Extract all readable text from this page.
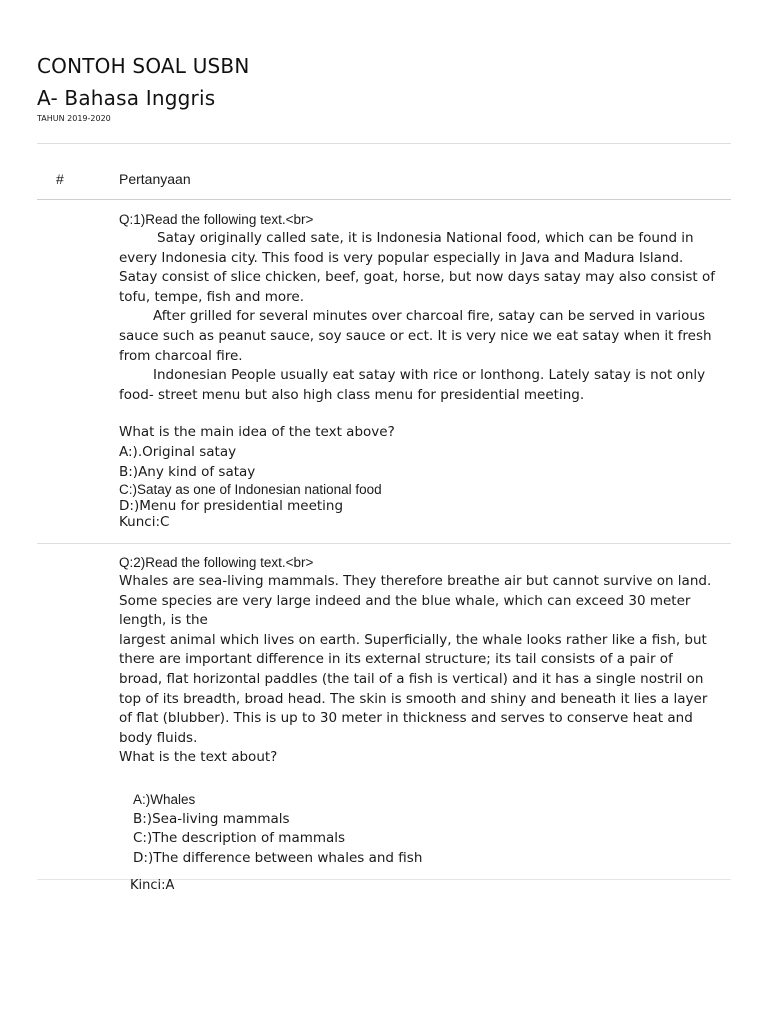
CONTOH SOAL USBN
A- Bahasa Inggris
TAHUN 2019-2020
#	Pertanyaan

Q:1)Read the following text.<br>

Satay originally called sate, it is Indonesia National food, which can be found in every Indonesia city. This food is very popular especially in Java and Madura Island. Satay consist of slice chicken, beef, goat, horse, but now days satay may also consist of tofu, tempe, fish and more.

After grilled for several minutes over charcoal fire, satay can be served in various sauce such as peanut sauce, soy sauce or ect. It is very nice we eat satay when it fresh from charcoal fire.

Indonesian People usually eat satay with rice or lonthong. Lately satay is not only food- street menu but also high class menu for presidential meeting.

What is the main idea of the text above?
A:).Original satay
B:)Any kind of satay
C:)Satay as one of Indonesian national food
D:)Menu for presidential meeting
Kunci:C

Q:2)Read the following text.<br>

Whales are sea-living mammals. They therefore breathe air but cannot survive on land. Some species are very large indeed and the blue whale, which can exceed 30 meter length, is the

largest animal which lives on earth. Superficially, the whale looks rather like a fish, but there are important difference in its external structure; its tail consists of a pair of broad, flat horizontal paddles (the tail of a fish is vertical) and it has a single nostril on top of its breadth, broad head. The skin is smooth and shiny and beneath it lies a layer of flat (blubber). This is up to 30 meter in thickness and serves to conserve heat and body fluids.

What is the text about?
A:)Whales
B:)Sea-living mammals
C:)The description of mammals
D:)The difference between whales and fish
Kinci:A
